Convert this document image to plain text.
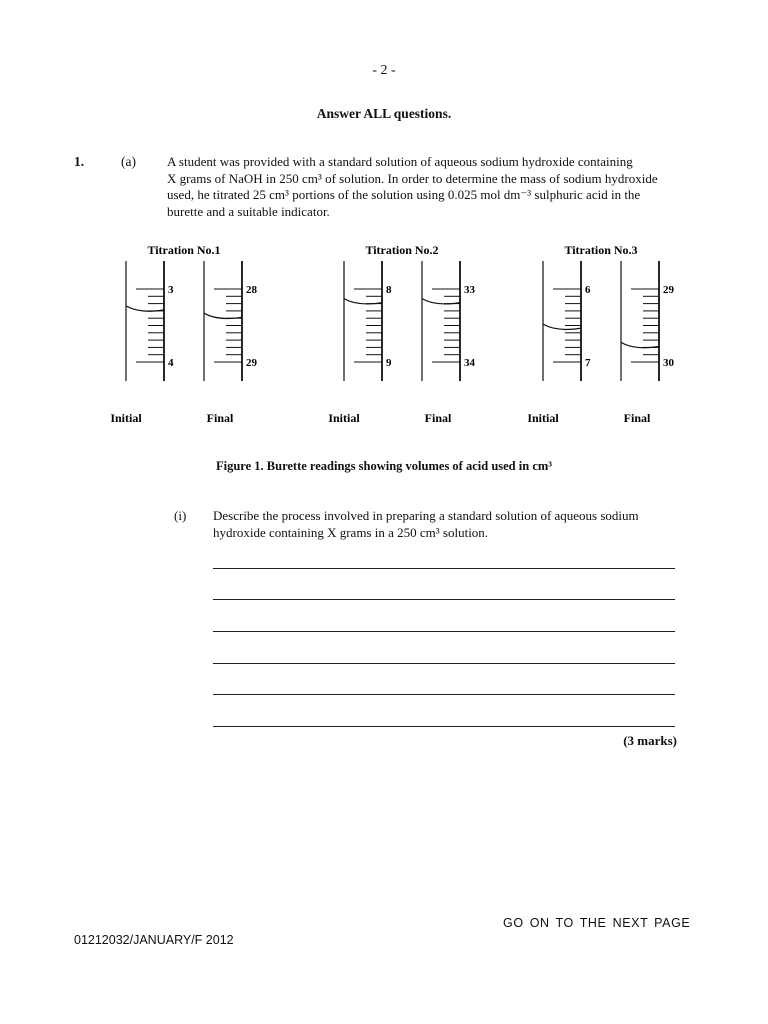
- 2 -
Answer ALL questions.
1.	(a) A student was provided with a standard solution of aqueous sodium hydroxide containing
X grams of NaOH in 250 cm³ of solution. In order to determine the mass of sodium hydroxide
used, he titrated 25 cm³ portions of the solution using 0.025 mol dm⁻³ sulphuric acid in the
burette and a suitable indicator.
Titration No.1
3
4
Initial
28
29
Final
Titration No.2
8
9
Initial
33
34
Final
Titration No.3
6
7
Initial
29
30
Final
Figure 1. Burette readings showing volumes of acid used in cm³
(i) Describe the process involved in preparing a standard solution of aqueous sodium
hydroxide containing X grams in a 250 cm³ solution.
(3 marks)
GO ON TO THE NEXT PAGE
01212032/JANUARY/F 2012
